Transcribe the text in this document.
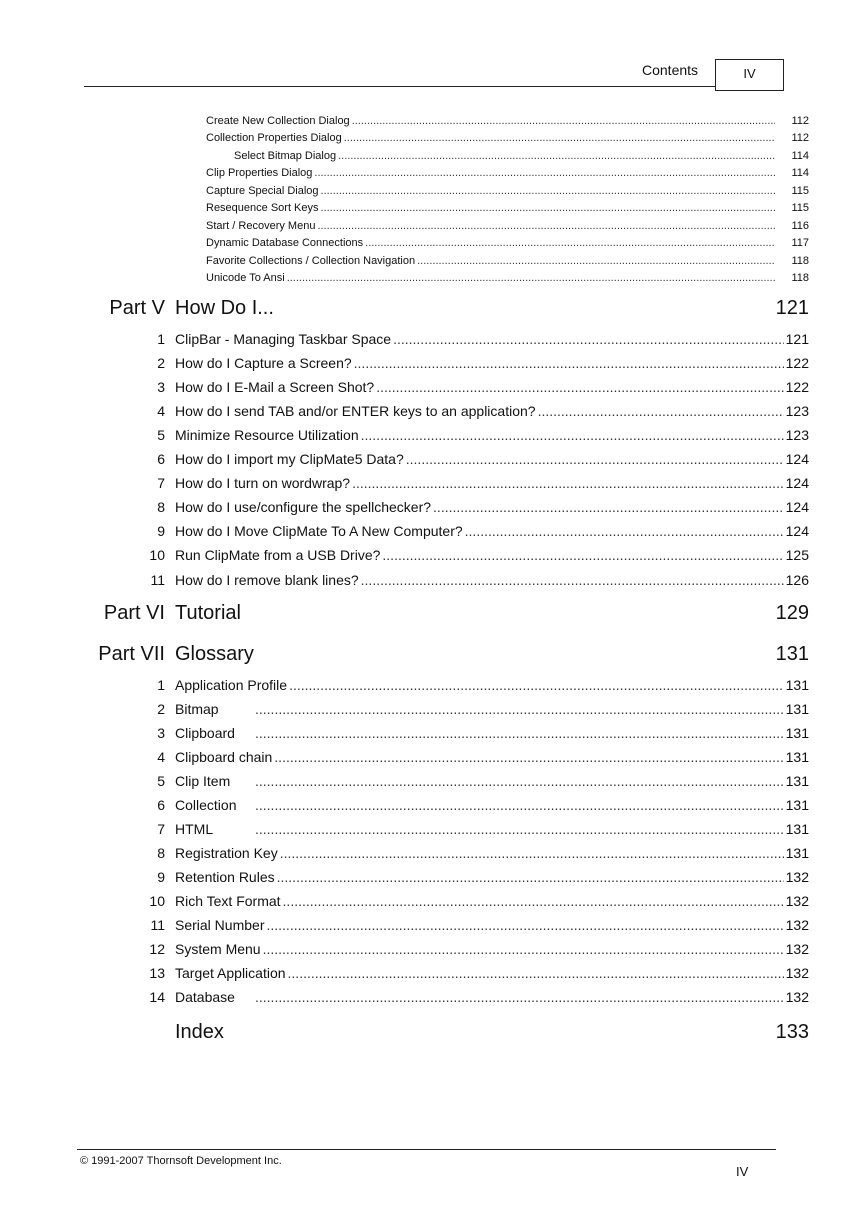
Contents	IV
Create New Collection Dialog .....	112
Collection Properties Dialog .....	112
Select Bitmap Dialog .....	114
Clip Properties Dialog .....	114
Capture Special Dialog .....	115
Resequence Sort Keys .....	115
Start / Recovery Menu .....	116
Dynamic Database Connections .....	117
Favorite Collections / Collection Navigation .....	118
Unicode To Ansi .....	118
Part V How Do I...	121
1 ClipBar - Managing Taskbar Space .....	121
2 How do I Capture a Screen? .....	122
3 How do I E-Mail a Screen Shot? .....	122
4 How do I send TAB and/or ENTER keys to an application? .....	123
5 Minimize Resource Utilization .....	123
6 How do I import my ClipMate5 Data? .....	124
7 How do I turn on wordwrap? .....	124
8 How do I use/configure the spellchecker? .....	124
9 How do I Move ClipMate To A New Computer? .....	124
10 Run ClipMate from a USB Drive? .....	125
11 How do I remove blank lines? .....	126
Part VI Tutorial	129
Part VII Glossary	131
1 Application Profile .....	131
2 Bitmap .....	131
3 Clipboard .....	131
4 Clipboard chain .....	131
5 Clip Item .....	131
6 Collection .....	131
7 HTML .....	131
8 Registration Key .....	131
9 Retention Rules .....	132
10 Rich Text Format .....	132
11 Serial Number .....	132
12 System Menu .....	132
13 Target Application .....	132
14 Database .....	132
Index	133
© 1991-2007 Thornsoft Development Inc.
IV
